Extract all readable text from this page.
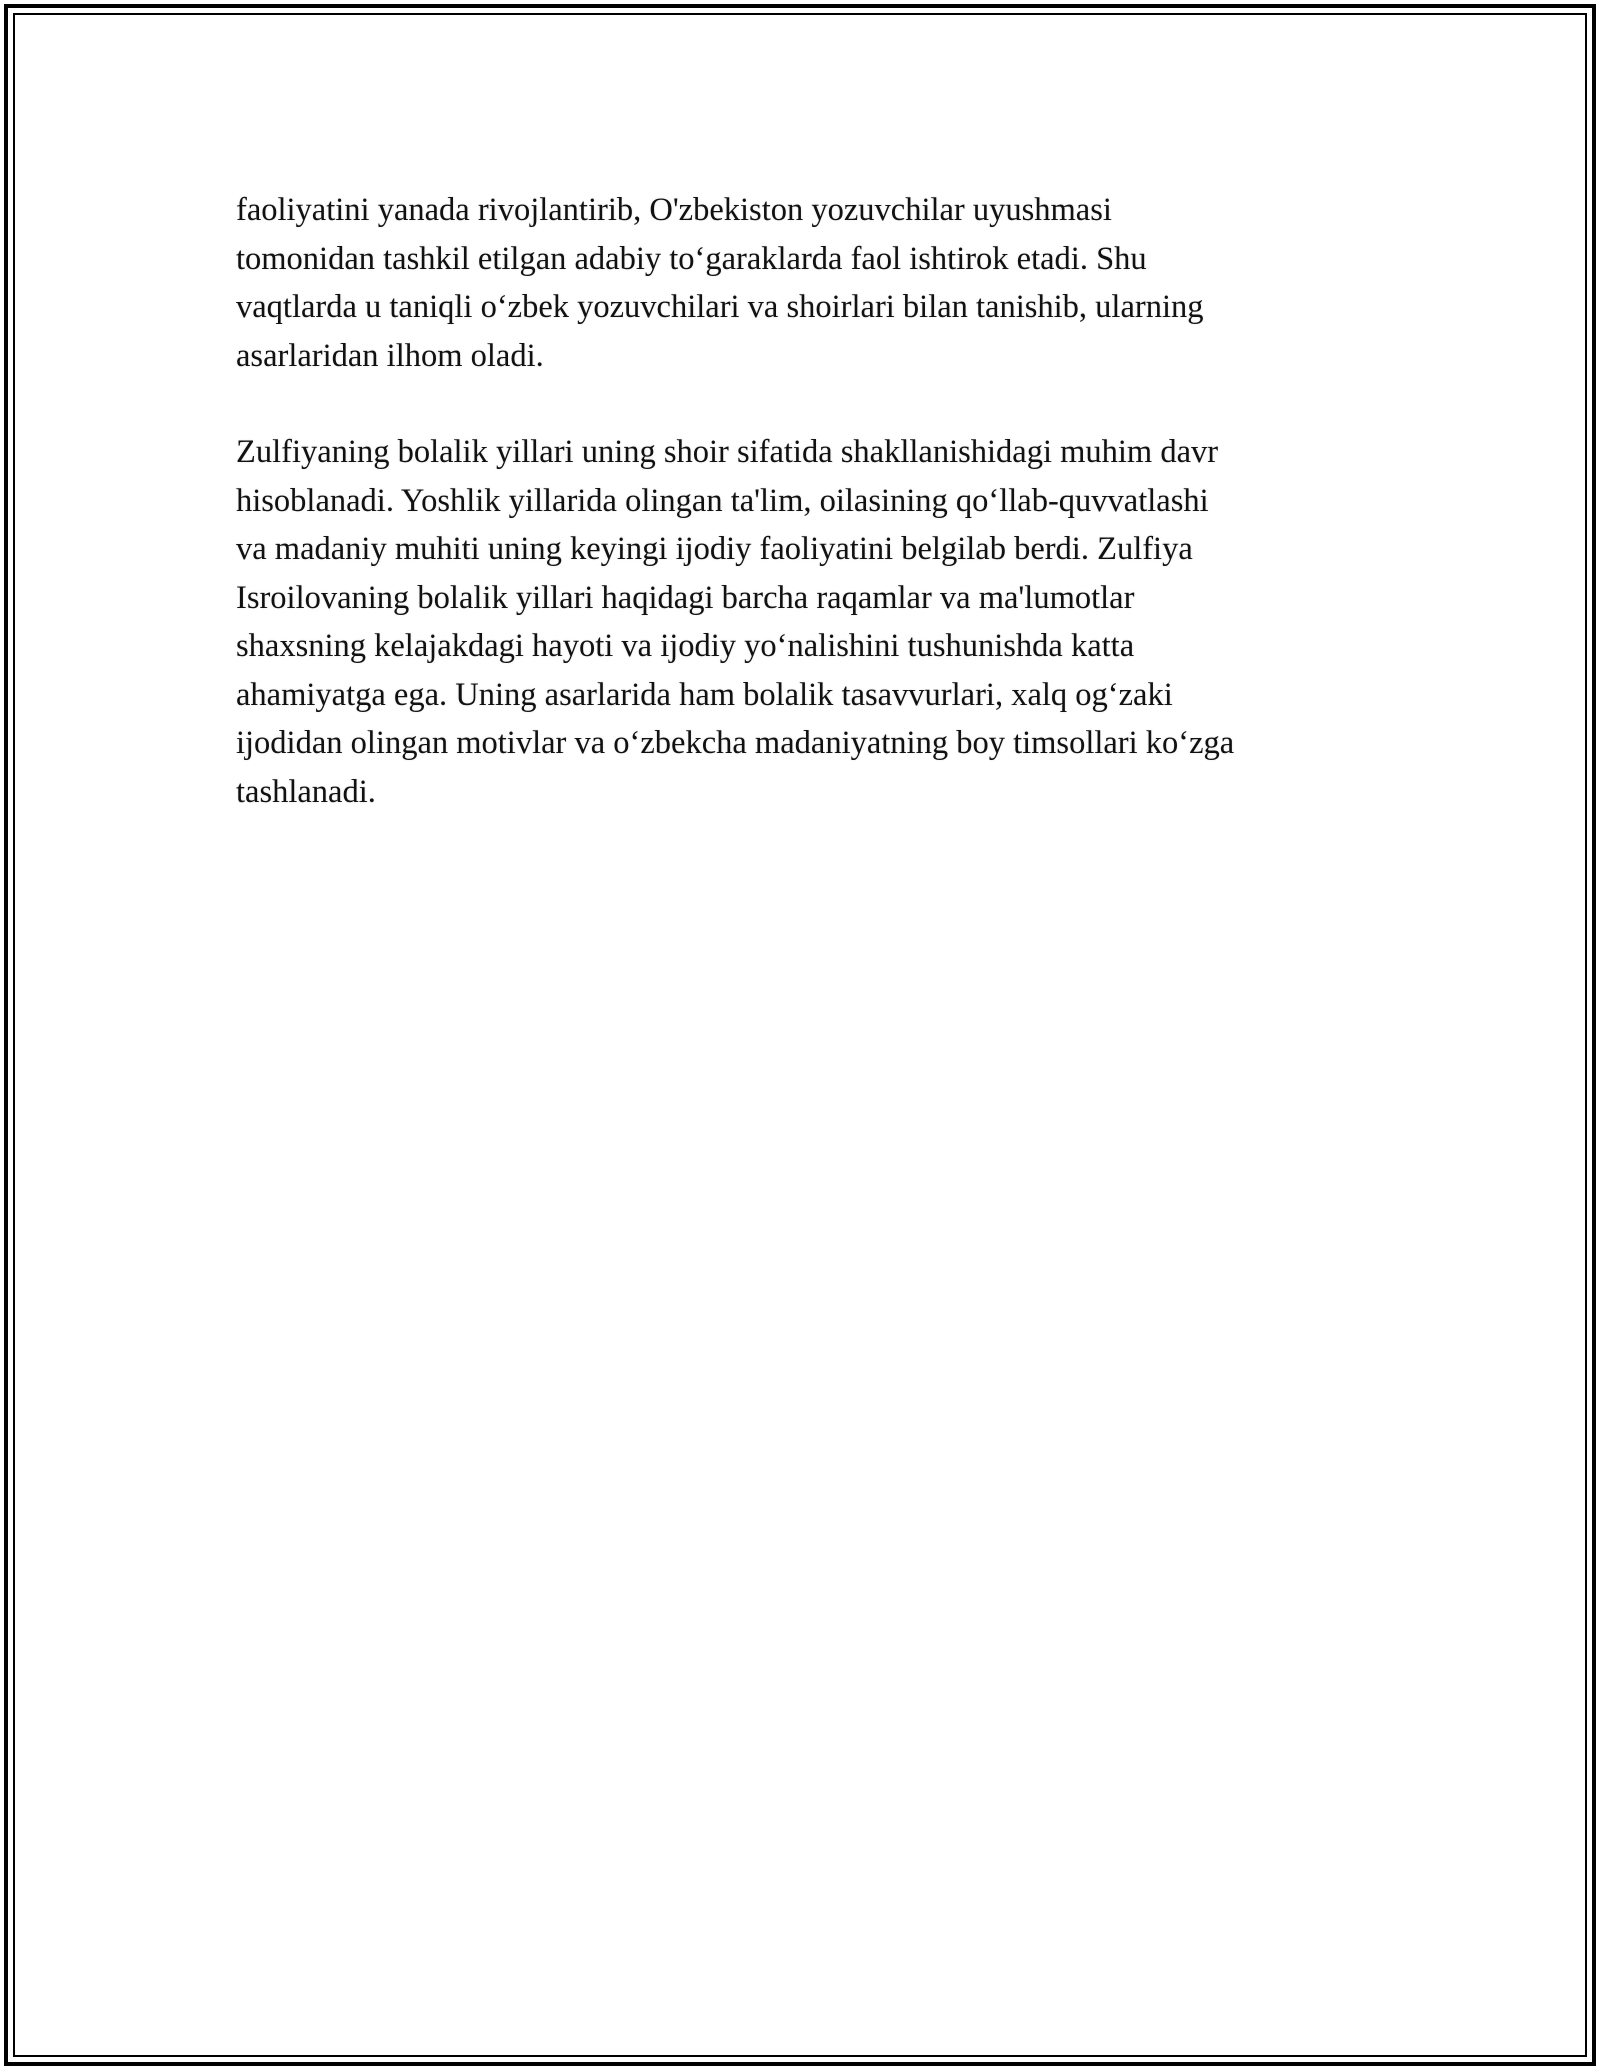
faoliyatini yanada rivojlantirib, O'zbekiston yozuvchilar uyushmasi
tomonidan tashkil etilgan adabiy to‘garaklarda faol ishtirok etadi. Shu
vaqtlarda u taniqli o‘zbek yozuvchilari va shoirlari bilan tanishib, ularning
asarlaridan ilhom oladi.

Zulfiyaning bolalik yillari uning shoir sifatida shakllanishidagi muhim davr
hisoblanadi. Yoshlik yillarida olingan ta'lim, oilasining qo‘llab-quvvatlashi
va madaniy muhiti uning keyingi ijodiy faoliyatini belgilab berdi. Zulfiya
Isroilovaning bolalik yillari haqidagi barcha raqamlar va ma'lumotlar
shaxsning kelajakdagi hayoti va ijodiy yo‘nalishini tushunishda katta
ahamiyatga ega. Uning asarlarida ham bolalik tasavvurlari, xalq og‘zaki
ijodidan olingan motivlar va o‘zbekcha madaniyatning boy timsollari ko‘zga
tashlanadi.
